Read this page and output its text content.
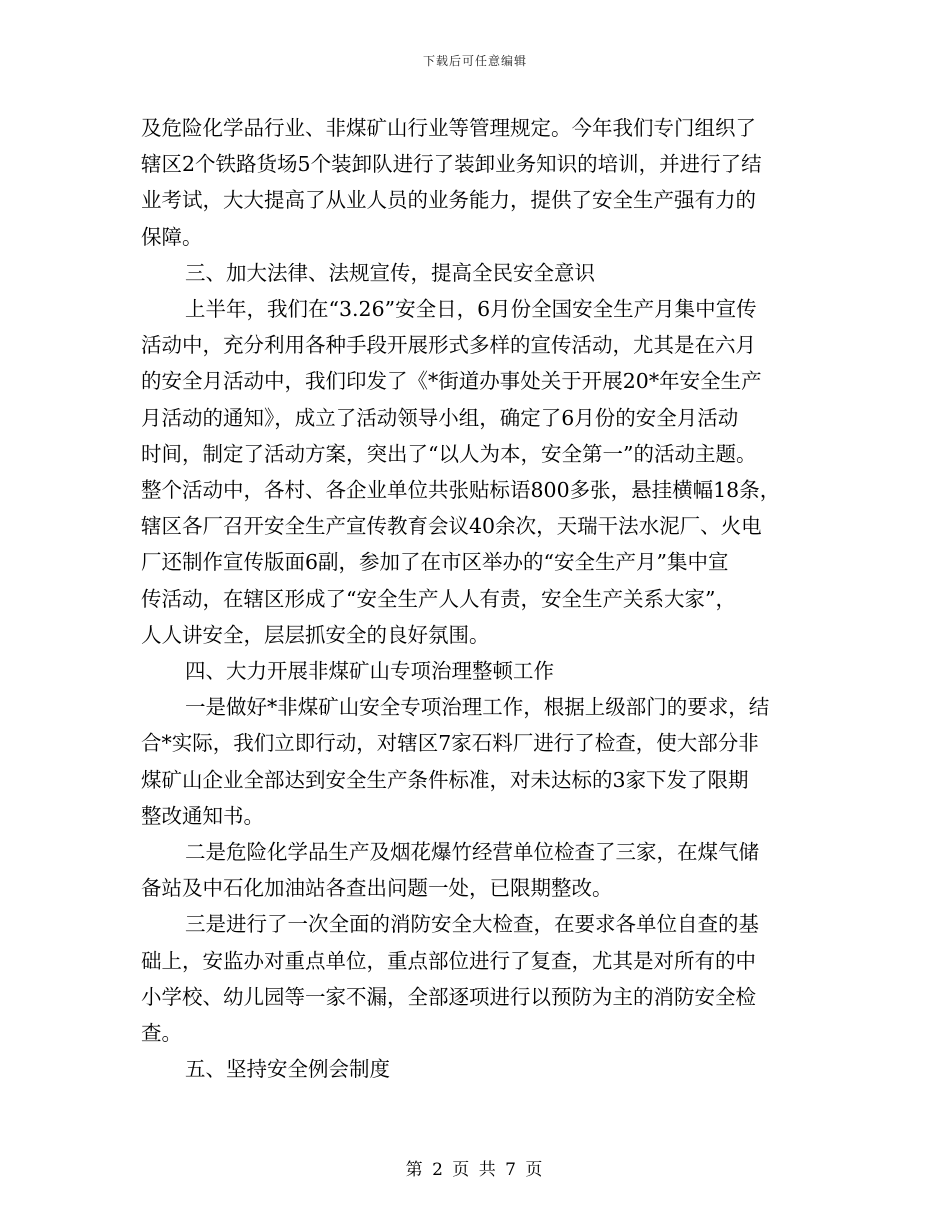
下载后可任意编辑

及危险化学品行业、非煤矿山行业等管理规定。今年我们专门组织了
辖区2个铁路货场5个装卸队进行了装卸业务知识的培训，并进行了结
业考试，大大提高了从业人员的业务能力，提供了安全生产强有力的
保障。

三、加大法律、法规宣传，提高全民安全意识

上半年，我们在“3.26”安全日，6月份全国安全生产月集中宣传
活动中，充分利用各种手段开展形式多样的宣传活动，尤其是在六月
的安全月活动中，我们印发了《*街道办事处关于开展20*年安全生产
月活动的通知》，成立了活动领导小组，确定了6月份的安全月活动
时间，制定了活动方案，突出了“以人为本，安全第一”的活动主题。
整个活动中，各村、各企业单位共张贴标语800多张，悬挂横幅18条，
辖区各厂召开安全生产宣传教育会议40余次，天瑞干法水泥厂、火电
厂还制作宣传版面6副，参加了在市区举办的“安全生产月”集中宣
传活动，在辖区形成了“安全生产人人有责，安全生产关系大家”，
人人讲安全，层层抓安全的良好氛围。

四、大力开展非煤矿山专项治理整顿工作

一是做好*非煤矿山安全专项治理工作，根据上级部门的要求，结
合*实际，我们立即行动，对辖区7家石料厂进行了检查，使大部分非
煤矿山企业全部达到安全生产条件标准，对未达标的3家下发了限期
整改通知书。

二是危险化学品生产及烟花爆竹经营单位检查了三家，在煤气储
备站及中石化加油站各查出问题一处，已限期整改。

三是进行了一次全面的消防安全大检查，在要求各单位自查的基
础上，安监办对重点单位，重点部位进行了复查，尤其是对所有的中
小学校、幼儿园等一家不漏，全部逐项进行以预防为主的消防安全检
查。

五、坚持安全例会制度

第 2 页 共 7 页
